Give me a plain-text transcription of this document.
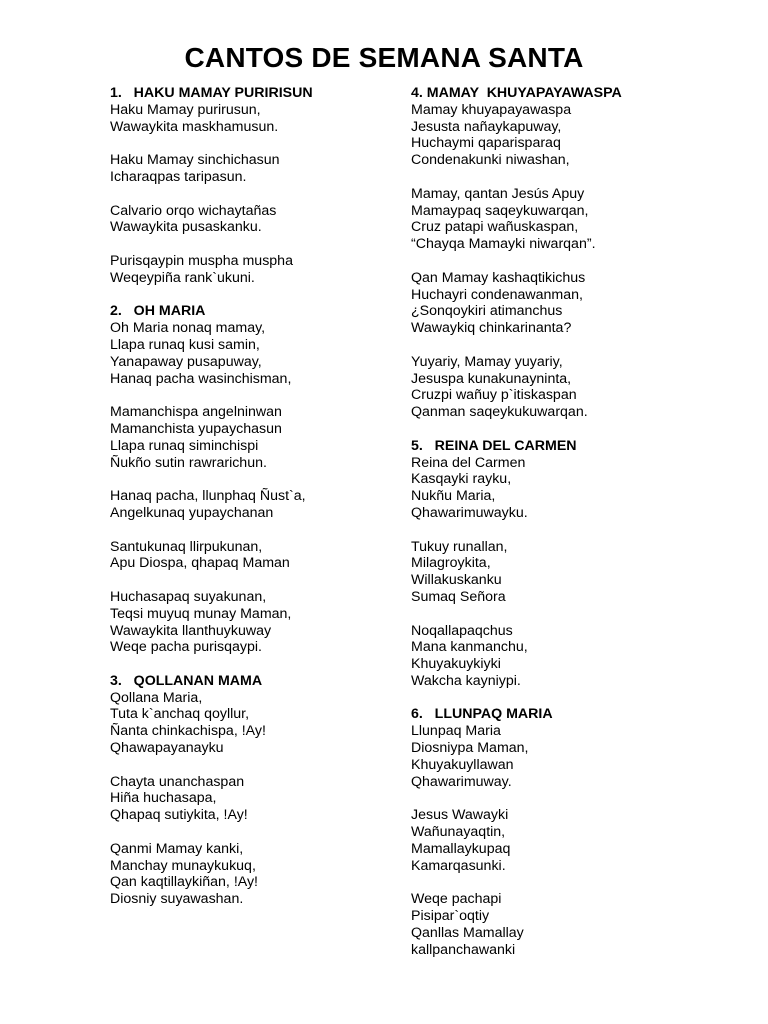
CANTOS DE SEMANA SANTA
1.   HAKU MAMAY PURIRISUN
Haku Mamay purirusun,
Wawaykita maskhamusun.
Haku Mamay sinchichasun
Icharaqpas taripasun.
Calvario orqo wichaytañas
Wawaykita pusaskanku.
Purisqaypin muspha muspha
Weqeypiña rank`ukuni.
2.   OH MARIA
Oh Maria nonaq mamay,
Llapa runaq kusi samin,
Yanapaway pusapuway,
Hanaq pacha wasinchisman,
Mamanchispa angelninwan
Mamanchista yupaychasun
Llapa runaq siminchispi
Ñukño sutin rawrarichun.
Hanaq pacha, llunphaq Ñust`a,
Angelkunaq yupaychanan
Santukunaq llirpukunan,
Apu Diospa, qhapaq Maman
Huchasapaq suyakunan,
Teqsi muyuq munay Maman,
Wawaykita llanthuykuway
Weqe pacha purisqaypi.
3.   QOLLANAN MAMA
Qollana Maria,
Tuta k`anchaq qoyllur,
Ñanta chinkachispa, !Ay!
Qhawapayanayku
Chayta unanchaspan
Hiña huchasapa,
Qhapaq sutiykita, !Ay!
Qanmi Mamay kanki,
Manchay munaykukuq,
Qan kaqtillaykiñan, !Ay!
Diosniy suyawashan.
4. MAMAY  KHUYAPAYAWASPA
Mamay khuyapayawaspa
Jesusta nañaykapuway,
Huchaymi qaparisparaq
Condenakunki niwashan,
Mamay, qantan Jesús Apuy
Mamaypaq saqeykuwarqan,
Cruz patapi wañuskaspan,
“Chayqa Mamayki niwarqan”.
Qan Mamay kashaqtikichus
Huchayri condenawanman,
¿Sonqoykiri atimanchus
Wawaykiq chinkarinanta?
Yuyariy, Mamay yuyariy,
Jesuspa kunakunayninta,
Cruzpi wañuy p`itiskaspan
Qanman saqeykukuwarqan.
5.   REINA DEL CARMEN
Reina del Carmen
Kasqayki rayku,
Nukñu Maria,
Qhawarimuwayku.
Tukuy runallan,
Milagroykita,
Willakuskanku
Sumaq Señora
Noqallapaqchus
Mana kanmanchu,
Khuyakuykiyki
Wakcha kayniypi.
6.   LLUNPAQ MARIA
Llunpaq Maria
Diosniypa Maman,
Khuyakuyllawan
Qhawarimuway.
Jesus Wawayki
Wañunayaqtin,
Mamallaykupaq
Kamarqasunki.
Weqe pachapi
Pisipar`oqtiy
Qanllas Mamallay
kallpanchawanki
